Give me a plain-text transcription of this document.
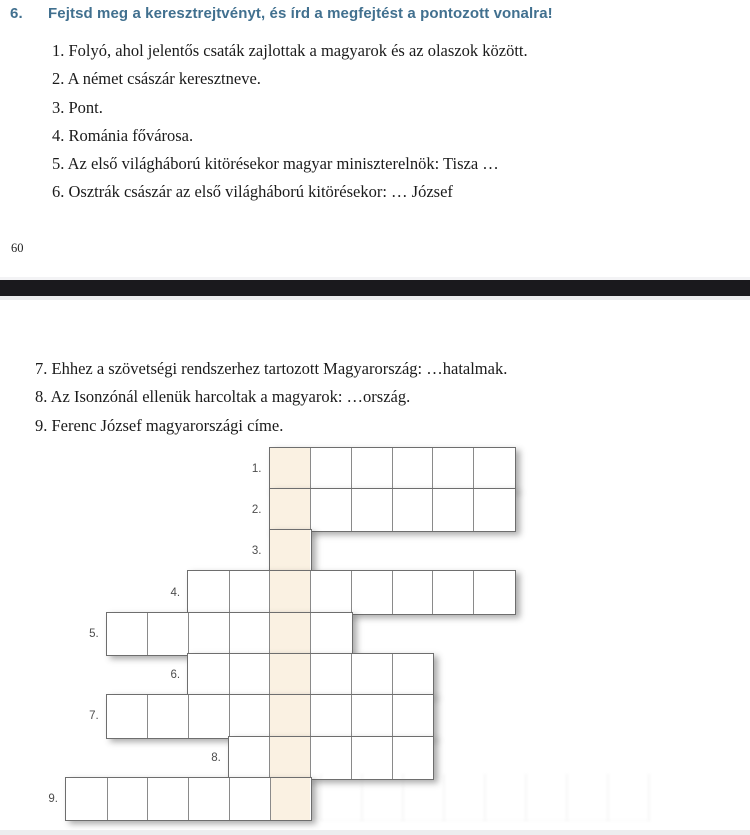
6. Fejtsd meg a keresztrejtvényt, és írd a megfejtést a pontozott vonalra!
1. Folyó, ahol jelentős csaták zajlottak a magyarok és az olaszok között.
2. A német császár keresztneve.
3. Pont.
4. Románia fővárosa.
5. Az első világháború kitörésekor magyar miniszterelnök: Tisza …
6. Osztrák császár az első világháború kitörésekor: … József
60
7. Ehhez a szövetségi rendszerhez tartozott Magyarország: …hatalmak.
8. Az Isonzónál ellenük harcoltak a magyarok: …ország.
9. Ferenc József magyarországi címe.
1.
2.
3.
4.
5.
6.
7.
8.
9.
